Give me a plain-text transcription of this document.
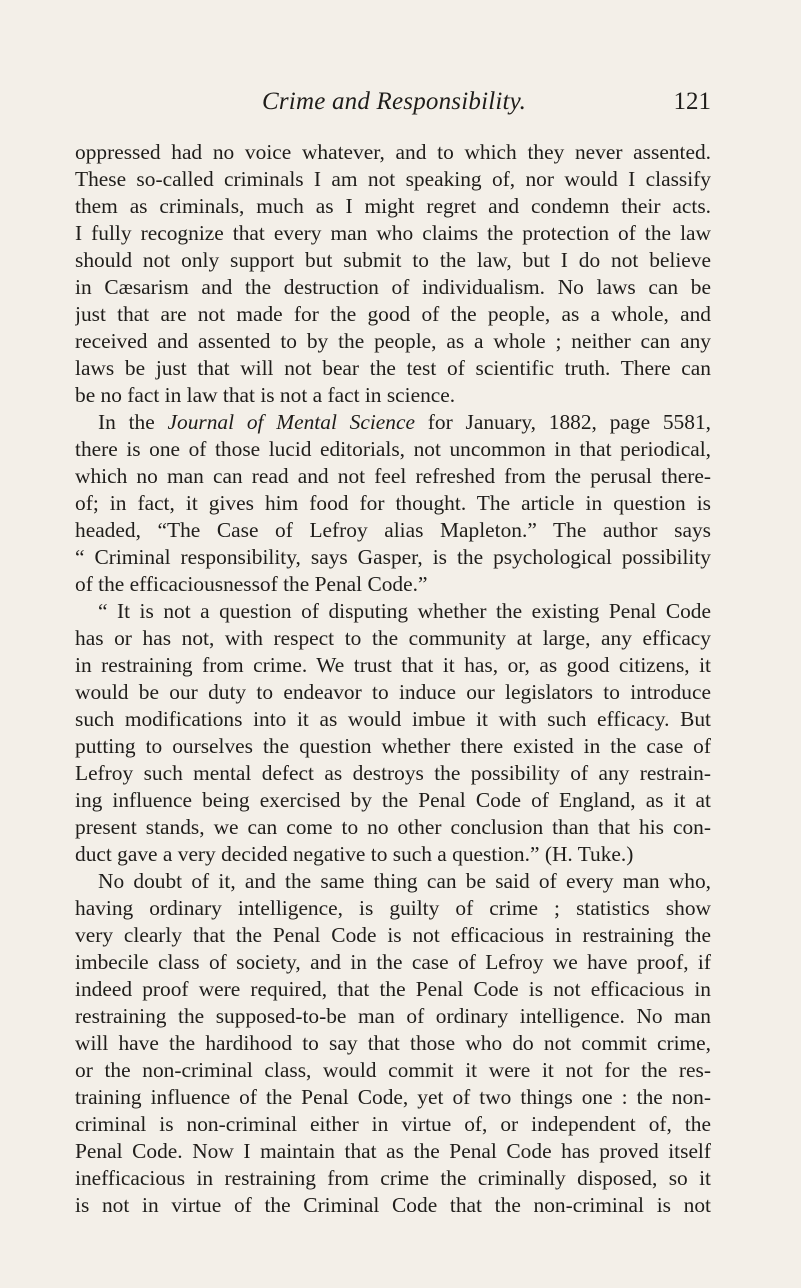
Crime and Responsibility.	121
oppressed had no voice whatever, and to which they never assented.
These so-called criminals I am not speaking of, nor would I classify
them as criminals, much as I might regret and condemn their acts.
I fully recognize that every man who claims the protection of the law
should not only support but submit to the law, but I do not believe
in Cæsarism and the destruction of individualism. No laws can be
just that are not made for the good of the people, as a whole, and
received and assented to by the people, as a whole ; neither can any
laws be just that will not bear the test of scientific truth. There can
be no fact in law that is not a fact in science.
In the Journal of Mental Science for January, 1882, page 5581,
there is one of those lucid editorials, not uncommon in that periodical,
which no man can read and not feel refreshed from the perusal there-
of; in fact, it gives him food for thought. The article in question is
headed, “The Case of Lefroy alias Mapleton.” The author says
“ Criminal responsibility, says Gasper, is the psychological possibility
of the efficaciousnessof the Penal Code.”
“ It is not a question of disputing whether the existing Penal Code
has or has not, with respect to the community at large, any efficacy
in restraining from crime. We trust that it has, or, as good citizens, it
would be our duty to endeavor to induce our legislators to introduce
such modifications into it as would imbue it with such efficacy. But
putting to ourselves the question whether there existed in the case of
Lefroy such mental defect as destroys the possibility of any restrain-
ing influence being exercised by the Penal Code of England, as it at
present stands, we can come to no other conclusion than that his con-
duct gave a very decided negative to such a question.” (H. Tuke.)
No doubt of it, and the same thing can be said of every man who,
having ordinary intelligence, is guilty of crime ; statistics show
very clearly that the Penal Code is not efficacious in restraining the
imbecile class of society, and in the case of Lefroy we have proof, if
indeed proof were required, that the Penal Code is not efficacious in
restraining the supposed-to-be man of ordinary intelligence. No man
will have the hardihood to say that those who do not commit crime,
or the non-criminal class, would commit it were it not for the res-
training influence of the Penal Code, yet of two things one : the non-
criminal is non-criminal either in virtue of, or independent of, the
Penal Code. Now I maintain that as the Penal Code has proved itself
inefficacious in restraining from crime the criminally disposed, so it
is not in virtue of the Criminal Code that the non-criminal is not
